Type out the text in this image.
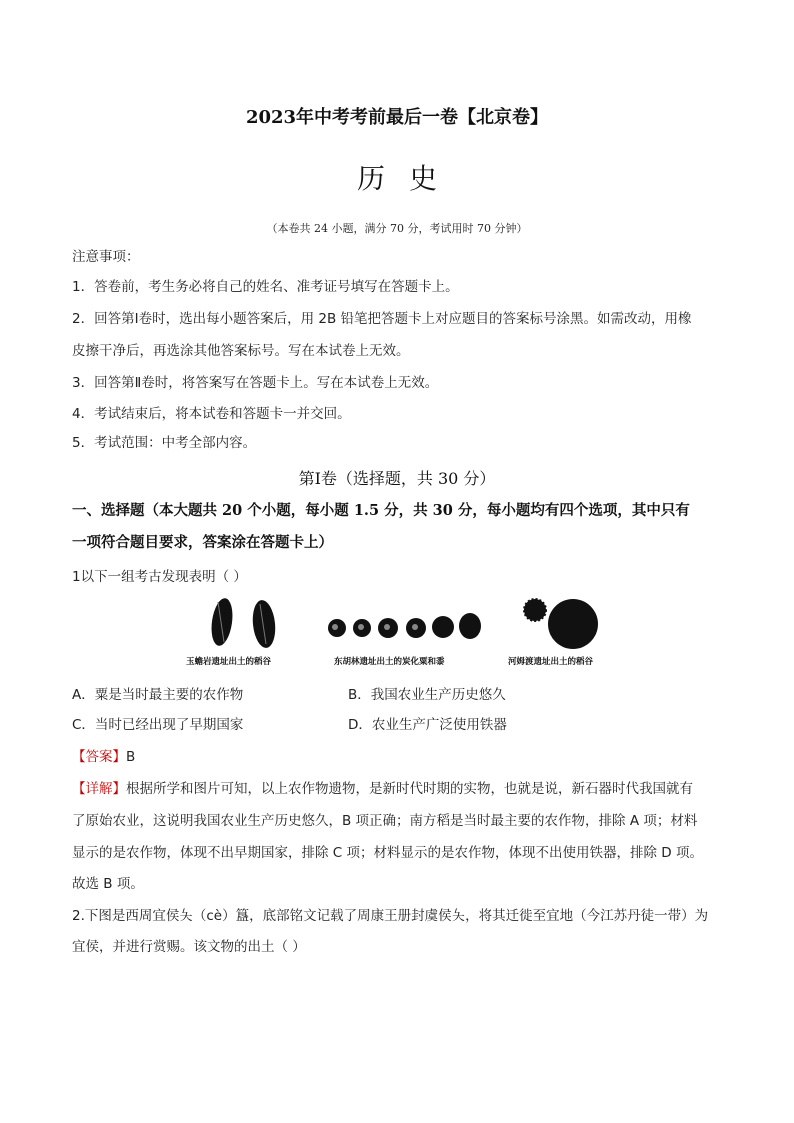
2023年中考考前最后一卷【北京卷】
历史
（本卷共 24 小题，满分 70 分，考试用时 70 分钟）
注意事项：
1．答卷前，考生务必将自己的姓名、准考证号填写在答题卡上。
2．回答第Ⅰ卷时，选出每小题答案后，用 2B 铅笔把答题卡上对应题目的答案标号涂黑。如需改动，用橡
皮擦干净后，再选涂其他答案标号。写在本试卷上无效。
3．回答第Ⅱ卷时，将答案写在答题卡上。写在本试卷上无效。
4．考试结束后，将本试卷和答题卡一并交回。
5．考试范围：中考全部内容。
第Ⅰ卷（选择题，共 30 分）
一、选择题（本大题共 20 个小题，每小题 1.5 分，共 30 分，每小题均有四个选项，其中只有
一项符合题目要求，答案涂在答题卡上）
1以下一组考古发现表明（ ）
玉蟾岩遗址出土的稻谷	东胡林遗址出土的炭化粟和黍	河姆渡遗址出土的稻谷
A．粟是当时最主要的农作物	B．我国农业生产历史悠久
C．当时已经出现了早期国家	D．农业生产广泛使用铁器
【答案】B
【详解】根据所学和图片可知，以上农作物遗物，是新时代时期的实物，也就是说，新石器时代我国就有
了原始农业，这说明我国农业生产历史悠久，B 项正确；南方稻是当时最主要的农作物，排除 A 项；材料
显示的是农作物，体现不出早期国家，排除 C 项；材料显示的是农作物，体现不出使用铁器，排除 D 项。
故选 B 项。
2.下图是西周宜侯夨（cè）簋，底部铭文记载了周康王册封虞侯夨，将其迁徙至宜地（今江苏丹徒一带）为
宜侯，并进行赏赐。该文物的出土（ ）
